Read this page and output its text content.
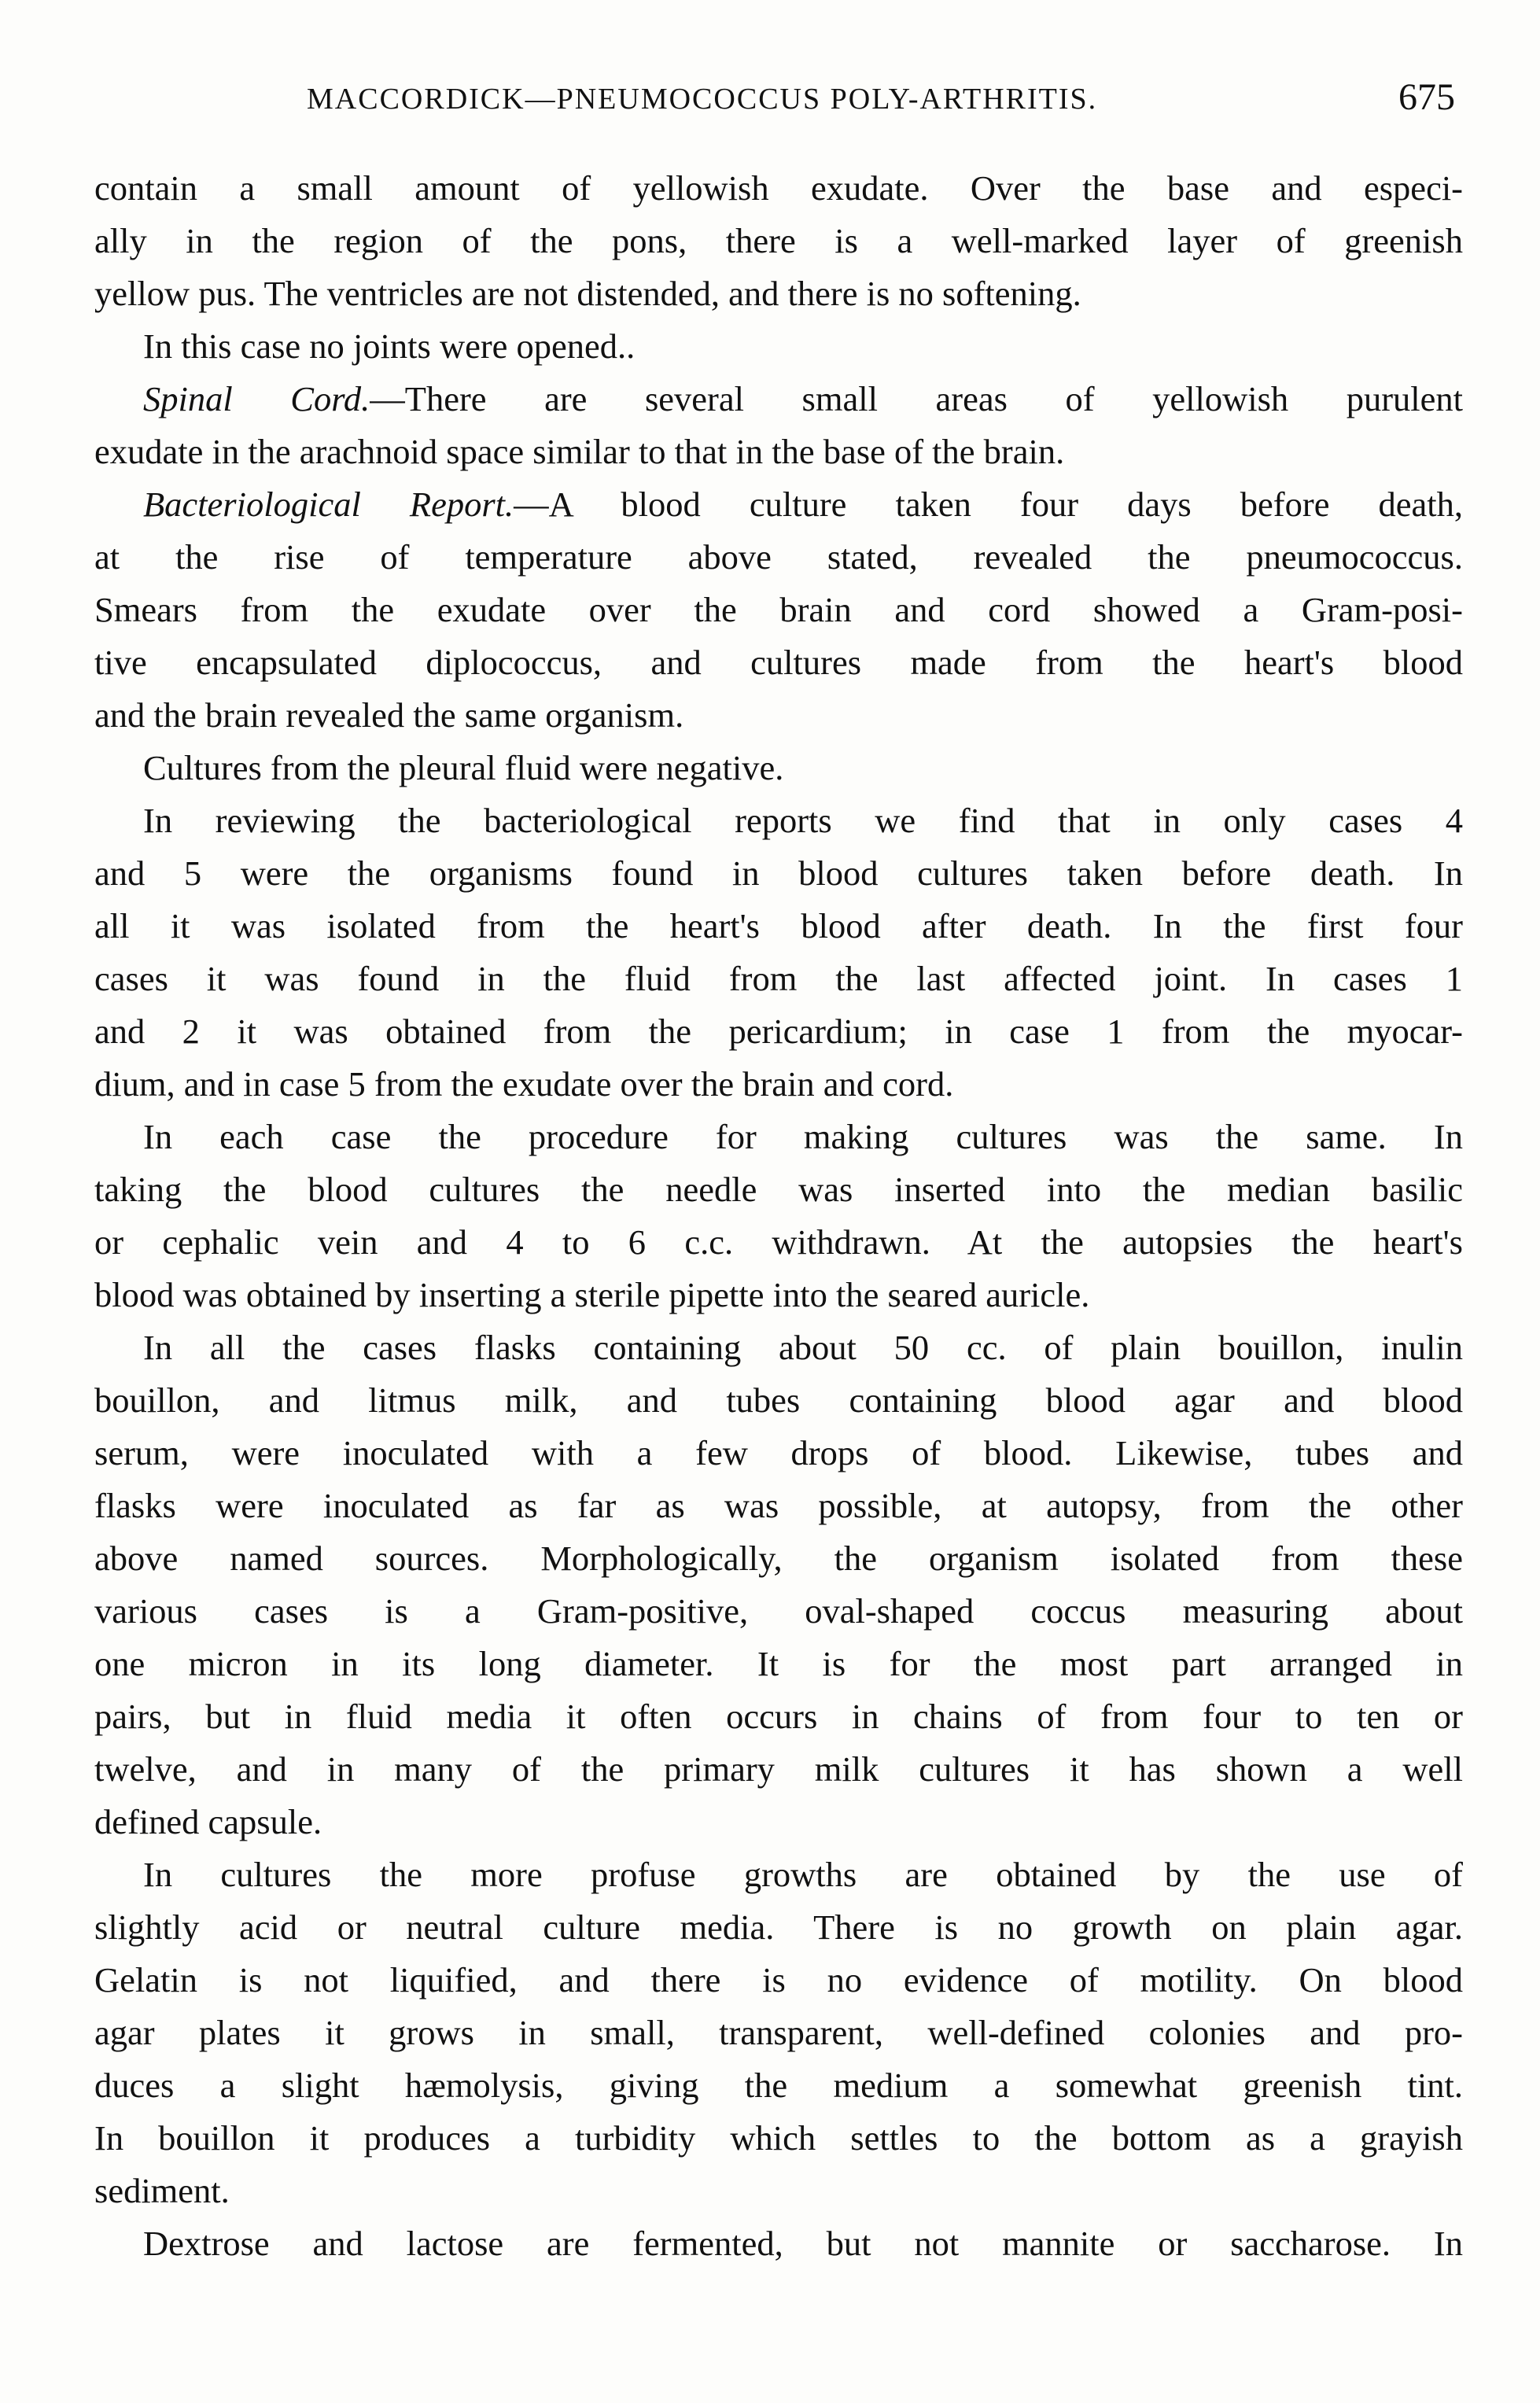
MACCORDICK—PNEUMOCOCCUS POLY-ARTHRITIS.	675
contain a small amount of yellowish exudate. Over the base and especi-
ally in the region of the pons, there is a well-marked layer of greenish
yellow pus. The ventricles are not distended, and there is no softening.
In this case no joints were opened..
Spinal Cord.—There are several small areas of yellowish purulent
exudate in the arachnoid space similar to that in the base of the brain.
Bacteriological Report.—A blood culture taken four days before death,
at the rise of temperature above stated, revealed the pneumococcus.
Smears from the exudate over the brain and cord showed a Gram-posi-
tive encapsulated diplococcus, and cultures made from the heart's blood
and the brain revealed the same organism.
Cultures from the pleural fluid were negative.
In reviewing the bacteriological reports we find that in only cases 4
and 5 were the organisms found in blood cultures taken before death. In
all it was isolated from the heart's blood after death. In the first four
cases it was found in the fluid from the last affected joint. In cases 1
and 2 it was obtained from the pericardium; in case 1 from the myocar-
dium, and in case 5 from the exudate over the brain and cord.
In each case the procedure for making cultures was the same. In
taking the blood cultures the needle was inserted into the median basilic
or cephalic vein and 4 to 6 c.c. withdrawn. At the autopsies the heart's
blood was obtained by inserting a sterile pipette into the seared auricle.
In all the cases flasks containing about 50 cc. of plain bouillon, inulin
bouillon, and litmus milk, and tubes containing blood agar and blood
serum, were inoculated with a few drops of blood. Likewise, tubes and
flasks were inoculated as far as was possible, at autopsy, from the other
above named sources. Morphologically, the organism isolated from these
various cases is a Gram-positive, oval-shaped coccus measuring about
one micron in its long diameter. It is for the most part arranged in
pairs, but in fluid media it often occurs in chains of from four to ten or
twelve, and in many of the primary milk cultures it has shown a well
defined capsule.
In cultures the more profuse growths are obtained by the use of
slightly acid or neutral culture media. There is no growth on plain agar.
Gelatin is not liquified, and there is no evidence of motility. On blood
agar plates it grows in small, transparent, well-defined colonies and pro-
duces a slight hæmolysis, giving the medium a somewhat greenish tint.
In bouillon it produces a turbidity which settles to the bottom as a grayish
sediment.
Dextrose and lactose are fermented, but not mannite or saccharose. In
